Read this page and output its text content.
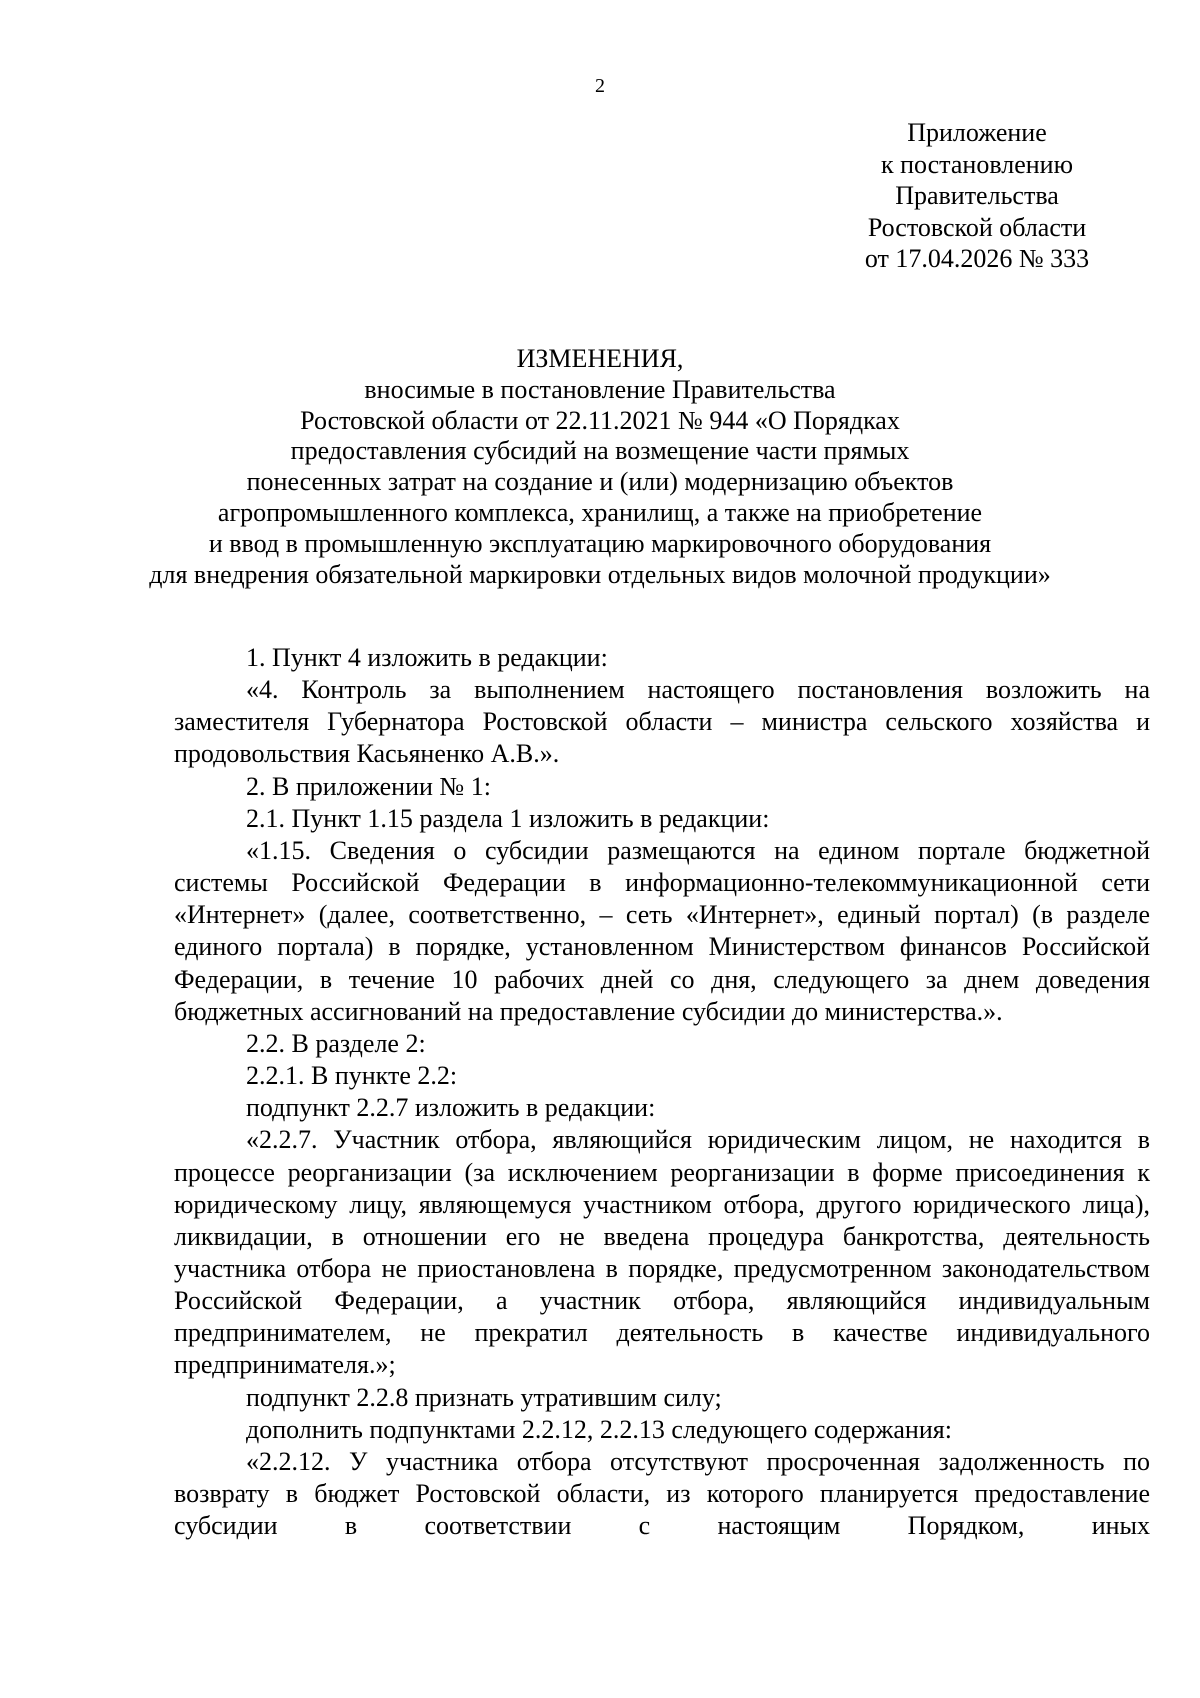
2
Приложение
к постановлению
Правительства
Ростовской области
от 17.04.2026 № 333
ИЗМЕНЕНИЯ,
вносимые в постановление Правительства
Ростовской области от 22.11.2021 № 944 «О Порядках
предоставления субсидий на возмещение части прямых
понесенных затрат на создание и (или) модернизацию объектов
агропромышленного комплекса, хранилищ, а также на приобретение
и ввод в промышленную эксплуатацию маркировочного оборудования
для внедрения обязательной маркировки отдельных видов молочной продукции»

1. Пункт 4 изложить в редакции:

«4. Контроль за выполнением настоящего постановления возложить на заместителя Губернатора Ростовской области – министра сельского хозяйства и продовольствия Касьяненко А.В.».

2. В приложении № 1:

2.1. Пункт 1.15 раздела 1 изложить в редакции:

«1.15. Сведения о субсидии размещаются на едином портале бюджетной системы Российской Федерации в информационно-телекоммуникационной сети «Интернет» (далее, соответственно, – сеть «Интернет», единый портал) (в разделе единого портала) в порядке, установленном Министерством финансов Российской Федерации, в течение 10 рабочих дней со дня, следующего за днем доведения бюджетных ассигнований на предоставление субсидии до министерства.».

2.2. В разделе 2:

2.2.1. В пункте 2.2:

подпункт 2.2.7 изложить в редакции:

«2.2.7. Участник отбора, являющийся юридическим лицом, не находится в процессе реорганизации (за исключением реорганизации в форме присоединения к юридическому лицу, являющемуся участником отбора, другого юридического лица), ликвидации, в отношении его не введена процедура банкротства, деятельность участника отбора не приостановлена в порядке, предусмотренном законодательством Российской Федерации, а участник отбора, являющийся индивидуальным предпринимателем, не прекратил деятельность в качестве индивидуального предпринимателя.»;

подпункт 2.2.8 признать утратившим силу;

дополнить подпунктами 2.2.12, 2.2.13 следующего содержания:

«2.2.12. У участника отбора отсутствуют просроченная задолженность по возврату в бюджет Ростовской области, из которого планируется предоставление субсидии в соответствии с настоящим Порядком, иных
